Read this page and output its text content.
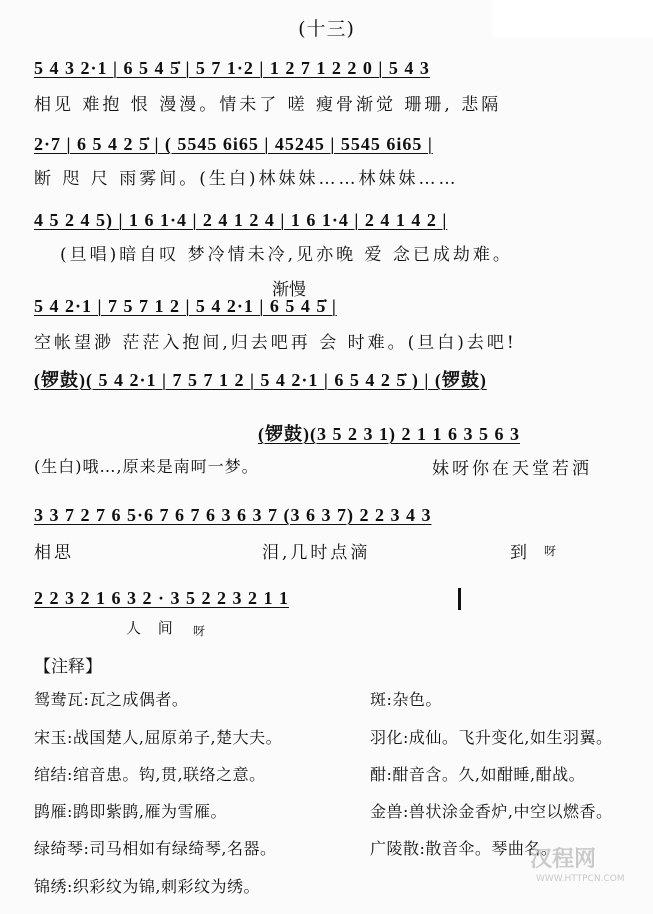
(十三)
5 4 3 2·1 | 6 5 4 5̇ | 5 7 1·2 | 1 2 7 1 2 2 0 | 5 4 3
相见 难抱 恨 漫漫。情未了 嗟 瘦骨渐觉 珊珊, 悲隔
2·7 | 6 5 4 2 5̇ | ( 5545 6i65 | 45245 | 5545 6i65 |
断 咫 尺 雨雾间。(生白)林妹妹……林妹妹……
4 5 2 4 5) | 1 6 1·4 | 2 4 1 2 4 | 1 6 1·4 | 2 4 1 4 2 |
(旦唱)暗自叹 梦冷情未冷,见亦晚 爱 念已成劫难。
渐慢
5 4 2·1 | 7 5 7 1 2 | 5 4 2·1 | 6 5 4 5̇ |
空帐望渺 茫茫入抱间,归去吧再 会 时难。(旦白)去吧!
(锣鼓)( 5 4 2·1 | 7 5 7 1 2 | 5 4 2·1 | 6 5 4 2 5̇ ) | (锣鼓)
(锣鼓)(3 5 2 3 1) 2 1 1 6 3 5 6 3
(生白)哦…,原来是南呵一梦。	妹呀你在天堂若洒
3 3 7 2 7 6 5·6 7 6 7 6 3 6 3 7 (3 6 3 7) 2 2 3 4 3
相思	泪,几时点滴	到 呀
2 2 3 2 1 6 3 2 · 3 5 2 2 3 2 1 1
人 间 呀
【注释】
鸳鸯瓦:瓦之成偶者。	斑:杂色。
宋玉:战国楚人,屈原弟子,楚大夫。	羽化:成仙。飞升变化,如生羽翼。
绾结:绾音患。钩,贯,联络之意。	酣:酣音含。久,如酣睡,酣战。
鹍雁:鹍即紫鹍,雁为雪雁。	金兽:兽状涂金香炉,中空以燃香。
绿绮琴:司马相如有绿绮琴,名器。	广陵散:散音伞。琴曲名。
锦绣:织彩纹为锦,刺彩纹为绣。
汉程网
WWW.HTTPCN.COM
